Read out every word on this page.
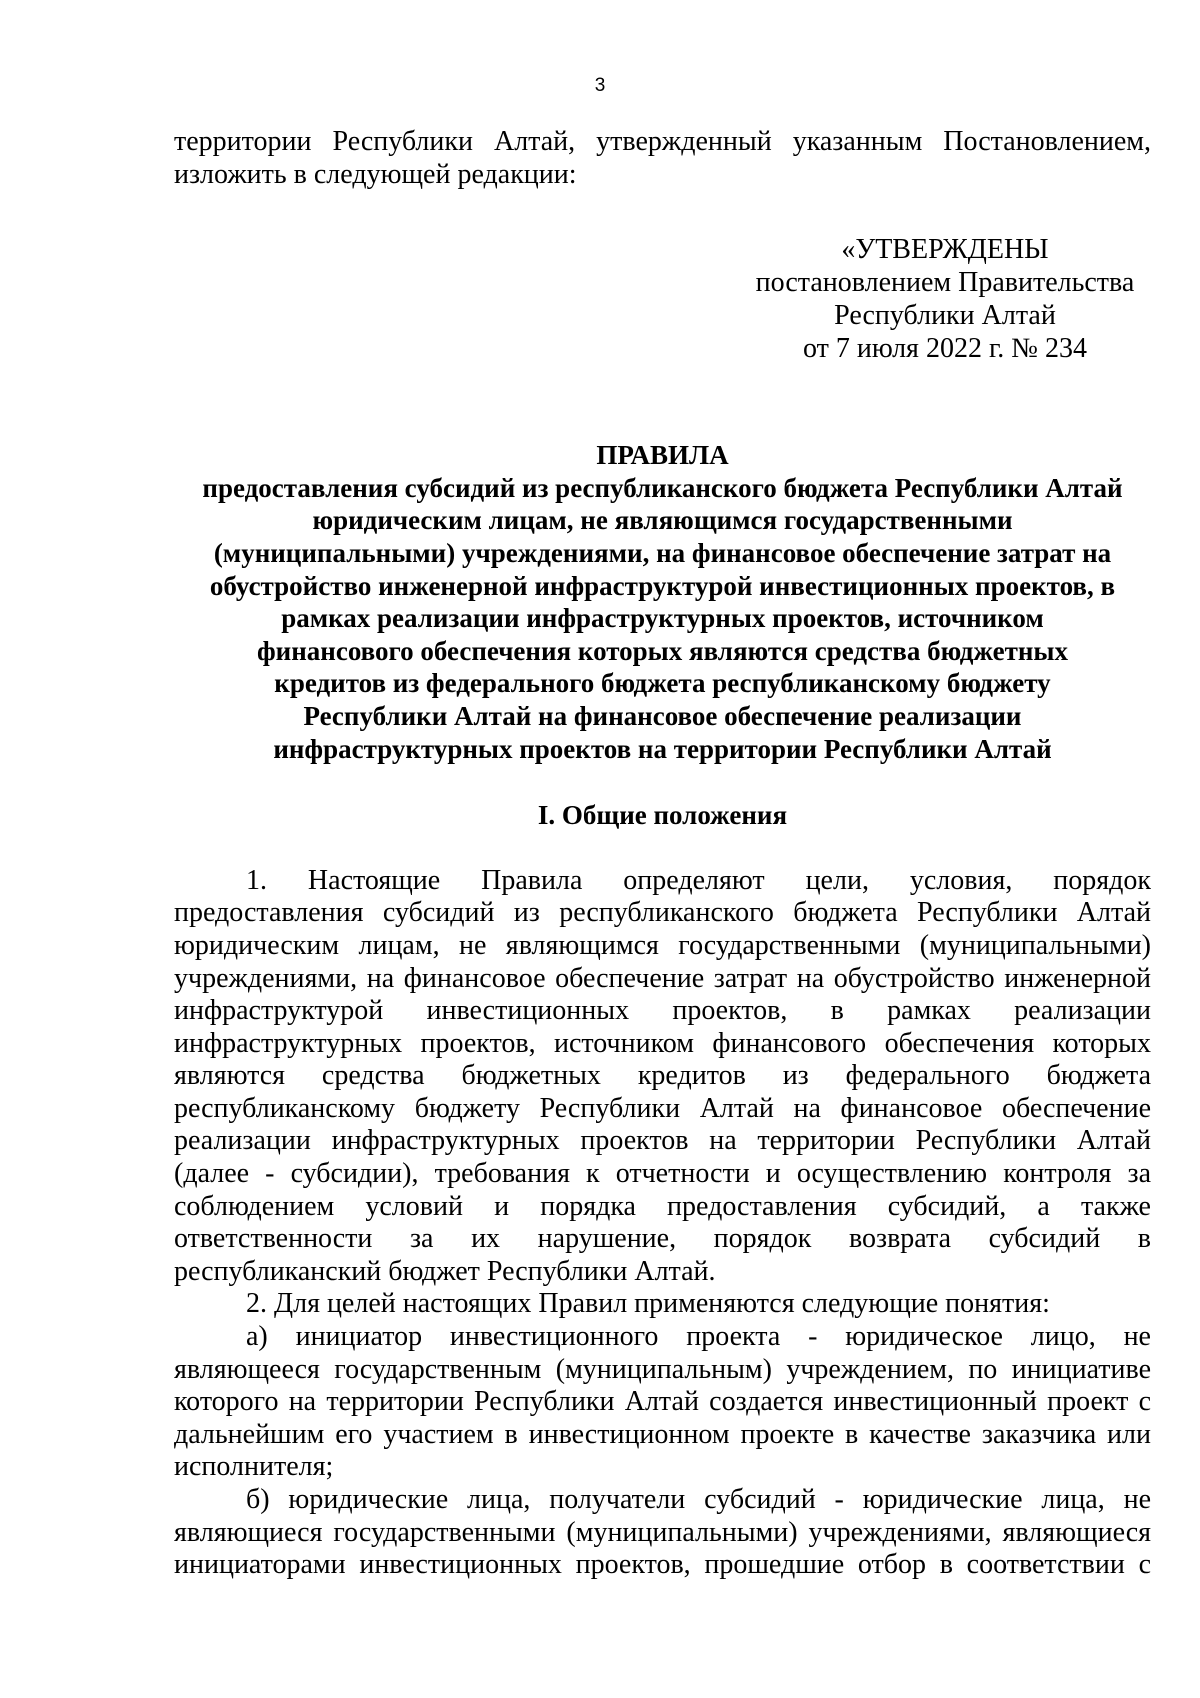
3
территории Республики Алтай, утвержденный указанным Постановлением,
изложить в следующей редакции:
«УТВЕРЖДЕНЫ
постановлением Правительства
Республики Алтай
от 7 июля 2022 г. № 234
ПРАВИЛА
предоставления субсидий из республиканского бюджета Республики Алтай
юридическим лицам, не являющимся государственными
(муниципальными) учреждениями, на финансовое обеспечение затрат на
обустройство инженерной инфраструктурой инвестиционных проектов, в
рамках реализации инфраструктурных проектов, источником
финансового обеспечения которых являются средства бюджетных
кредитов из федерального бюджета республиканскому бюджету
Республики Алтай на финансовое обеспечение реализации
инфраструктурных проектов на территории Республики Алтай
I. Общие положения
1. Настоящие Правила определяют цели, условия, порядок
предоставления субсидий из республиканского бюджета Республики Алтай
юридическим лицам, не являющимся государственными (муниципальными)
учреждениями, на финансовое обеспечение затрат на обустройство инженерной
инфраструктурой инвестиционных проектов, в рамках реализации
инфраструктурных проектов, источником финансового обеспечения которых
являются средства бюджетных кредитов из федерального бюджета
республиканскому бюджету Республики Алтай на финансовое обеспечение
реализации инфраструктурных проектов на территории Республики Алтай
(далее - субсидии), требования к отчетности и осуществлению контроля за
соблюдением условий и порядка предоставления субсидий, а также
ответственности за их нарушение, порядок возврата субсидий в
республиканский бюджет Республики Алтай.
2. Для целей настоящих Правил применяются следующие понятия:
а) инициатор инвестиционного проекта - юридическое лицо, не
являющееся государственным (муниципальным) учреждением, по инициативе
которого на территории Республики Алтай создается инвестиционный проект с
дальнейшим его участием в инвестиционном проекте в качестве заказчика или
исполнителя;
б) юридические лица, получатели субсидий - юридические лица, не
являющиеся государственными (муниципальными) учреждениями, являющиеся
инициаторами инвестиционных проектов, прошедшие отбор в соответствии с
